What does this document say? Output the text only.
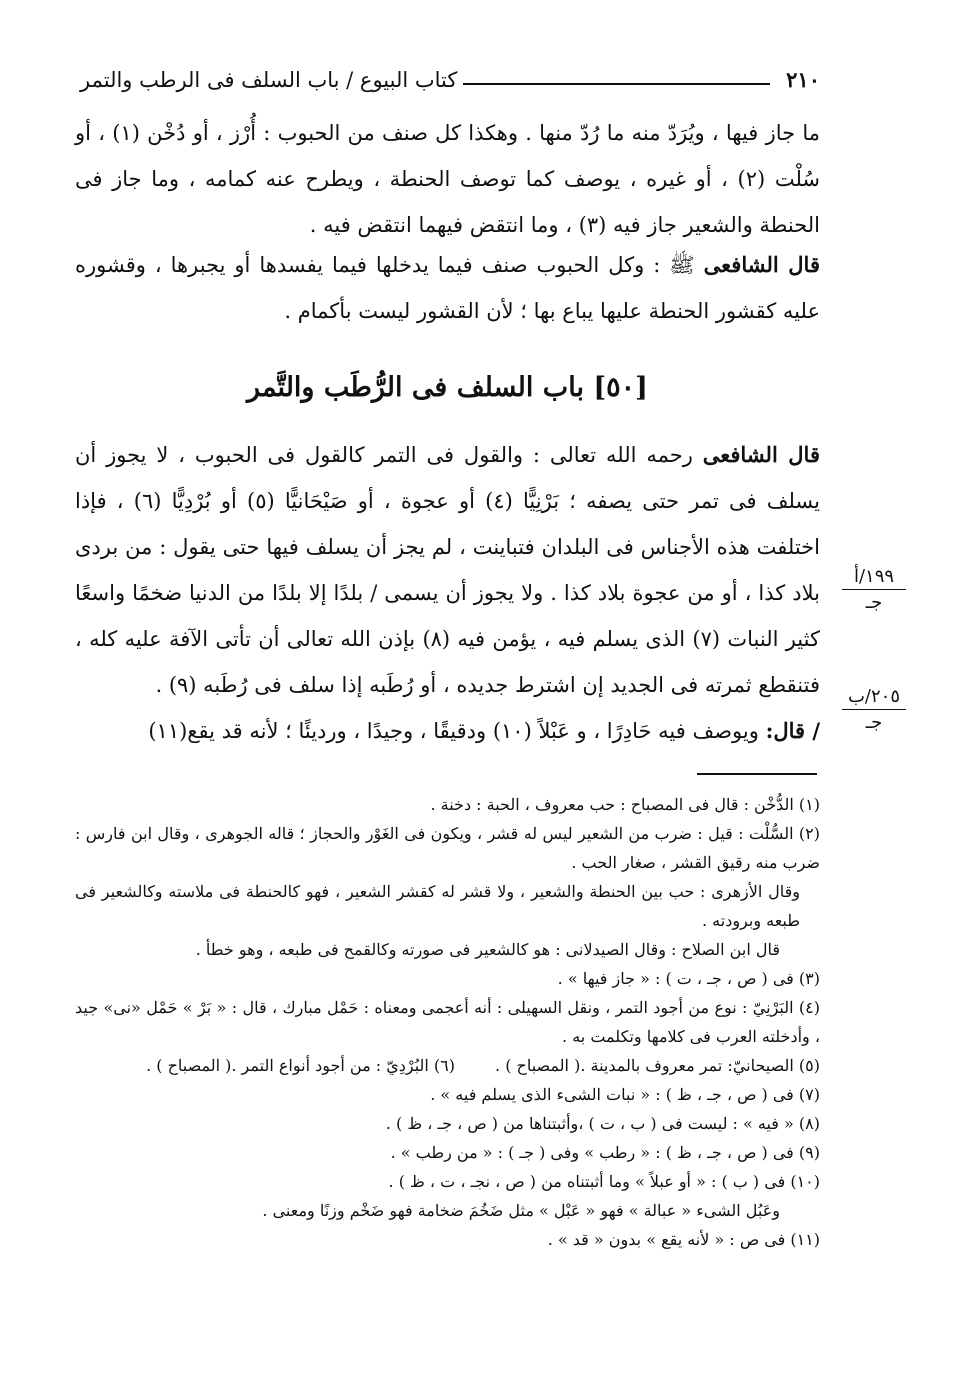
٢١٠
كتاب البيوع / باب السلف فى الرطب والتمر
ما جاز فيها ، ويُرَدّ منه ما رُدّ منها . وهكذا كل صنف من الحبوب : أُرْز ، أو دُخْن (١) ، أو سُلْت (٢) ، أو غيره ، يوصف كما توصف الحنطة ، ويطرح عنه كمامه ، وما جاز فى الحنطة والشعير جاز فيه (٣) ، وما انتقض فيهما انتقض فيه .
قال الشافعى ﷺ : وكل الحبوب صنف فيما يدخلها فيما يفسدها أو يجبرها ، وقشوره عليه كقشور الحنطة عليها يباع بها ؛ لأن القشور ليست بأكمام .
[٥٠] باب السلف فى الرُّطَب والتَّمر
قال الشافعى رحمه الله تعالى : والقول فى التمر كالقول فى الحبوب ، لا يجوز أن يسلف فى تمر حتى يصفه ؛ بَرْنِيًّا (٤) أو عجوة ، أو صَيْحَانيًّا (٥) أو بُرْدِيًّا (٦) ، فإذا اختلفت هذه الأجناس فى البلدان فتباينت ، لم يجز أن يسلف فيها حتى يقول : من بردى بلاد كذا ، أو من عجوة بلاد كذا . ولا يجوز أن يسمى / بلدًا إلا بلدًا من الدنيا ضخمًا واسعًا كثير النبات (٧) الذى يسلم فيه ، يؤمن فيه (٨) بإذن الله تعالى أن تأتى الآفة عليه كله ، فتنقطع ثمرته فى الجديد إن اشترط جديده ، أو رُطَبه إذا سلف فى رُطَبه (٩) .
/ قال: ويوصف فيه حَادِرًا ، و عَبْلاً (١٠) ودقيقًا ، وجيدًا ، ورديئًا ؛ لأنه قد يقع(١١)
١٩٩/أ
جـ
٢٠٥/ب
جـ
(١) الدُّخْن : قال فى المصباح : حب معروف ، الحبة : دخنة .
(٢) السُّلْت : قيل : ضرب من الشعير ليس له قشر ، ويكون فى الغَوْر والحجاز ؛ قاله الجوهرى ، وقال ابن فارس : ضرب منه رقيق القشر ، صغار الحب .
وقال الأزهرى : حب بين الحنطة والشعير ، ولا قشر له كقشر الشعير ، فهو كالحنطة فى ملاسته وكالشعير فى طبعه وبرودته .
قال ابن الصلاح : وقال الصيدلانى : هو كالشعير فى صورته وكالقمح فى طبعه ، وهو خطأ .
(٣) فى ( ص ، جـ ، ت ) : « جاز فيها » .
(٤) البَرْنِيّ : نوع من أجود التمر ، ونقل السهيلى : أنه أعجمى ومعناه : حَمْل مبارك ، قال : « بَرْ » حَمْل «نى» جيد ، وأدخلته العرب فى كلامها وتكلمت به .
(٥) الصيحانيّ: تمر معروف بالمدينة .( المصباح ) .
(٦) البُرْدِيّ : من أجود أنواع التمر .( المصباح ) .
(٧) فى ( ص ، جـ ، ظ ) : « نبات الشىء الذى يسلم فيه » .
(٨) « فيه » : ليست فى ( ب ، ت ) ،وأثبتناها من ( ص ، جـ ، ظ ) .
(٩) فى ( ص ، جـ ، ظ ) : « رطب » وفى ( جـ ) : « من رطب » .
(١٠) فى ( ب ) : « أو عبلاً » وما أثبتناه من ( ص ، نجـ ، ت ، ظ ) .
وعَبُل الشىء « عبالة » فهو « عَبْل » مثل ضَخُمَ ضخامة فهو ضَخْم وزنًا ومعنى .
(١١) فى ص : « لأنه يقع » بدون « قد » .
